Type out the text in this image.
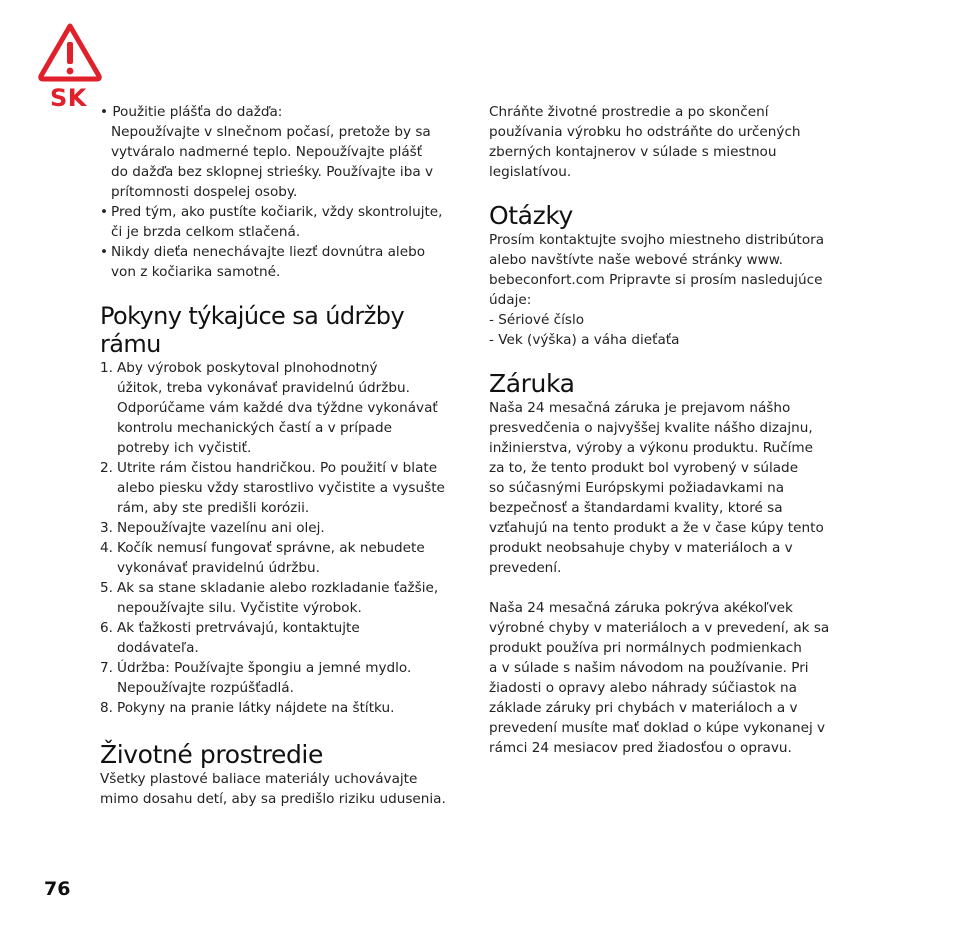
SK • Použitie plášťa do dažďa:
Nepoužívajte v slnečnom počasí, pretože by sa
vytváralo nadmerné teplo. Nepoužívajte plášť
do dažďa bez sklopnej strieśky. Používajte iba v
prítomnosti dospelej osoby.

• Pred tým, ako pustíte kočiarik, vždy skontrolujte,
či je brzda celkom stlačená.

• Nikdy dieťa nenechávajte liezť dovnútra alebo
von z kočiarika samotné.

Pokyny týkajúce sa údržby rámu

1. Aby výrobok poskytoval plnohodnotný
úžitok, treba vykonávať pravidelnú údržbu.
Odporúčame vám každé dva týždne vykonávať
kontrolu mechanických častí a v prípade
potreby ich vyčistiť.

2. Utrite rám čistou handričkou. Po použití v blate
alebo piesku vždy starostlivo vyčistite a vysušte
rám, aby ste predišli korózii.

3. Nepoužívajte vazelínu ani olej.

4. Kočík nemusí fungovať správne, ak nebudete
vykonávať pravidelnú údržbu.

5. Ak sa stane skladanie alebo rozkladanie ťažšie,
nepoužívajte silu. Vyčistite výrobok.

6. Ak ťažkosti pretrvávajú, kontaktujte
dodávateľa.

7. Údržba: Používajte špongiu a jemné mydlo.
Nepoužívajte rozpúšťadlá.

8. Pokyny na pranie látky nájdete na štítku.

Životné prostredie

Všetky plastové baliace materiály uchovávajte
mimo dosahu detí, aby sa predišlo riziku udusenia.

Chráňte životné prostredie a po skončení
používania výrobku ho odstráňte do určených
zberných kontajnerov v súlade s miestnou
legislatívou.

Otázky

Prosím kontaktujte svojho miestneho distribútora
alebo navštívte naše webové stránky www.
bebeconfort.com Pripravte si prosím nasledujúce
údaje:
- Sériové číslo
- Vek (výška) a váha dieťaťa

Záruka

Naša 24 mesačná záruka je prejavom nášho
presvedčenia o najvyššej kvalite nášho dizajnu,
inžinierstva, výroby a výkonu produktu. Ručíme
za to, že tento produkt bol vyrobený v súlade
so súčasnými Európskymi požiadavkami na
bezpečnosť a štandardami kvality, ktoré sa
vzťahujú na tento produkt a že v čase kúpy tento
produkt neobsahuje chyby v materiáloch a v
prevedení.

Naša 24 mesačná záruka pokrýva akékoľvek
výrobné chyby v materiáloch a v prevedení, ak sa
produkt používa pri normálnych podmienkach
a v súlade s našim návodom na používanie. Pri
žiadosti o opravy alebo náhrady súčiastok na
základe záruky pri chybách v materiáloch a v
prevedení musíte mať doklad o kúpe vykonanej v
rámci 24 mesiacov pred žiadosťou o opravu.

76
